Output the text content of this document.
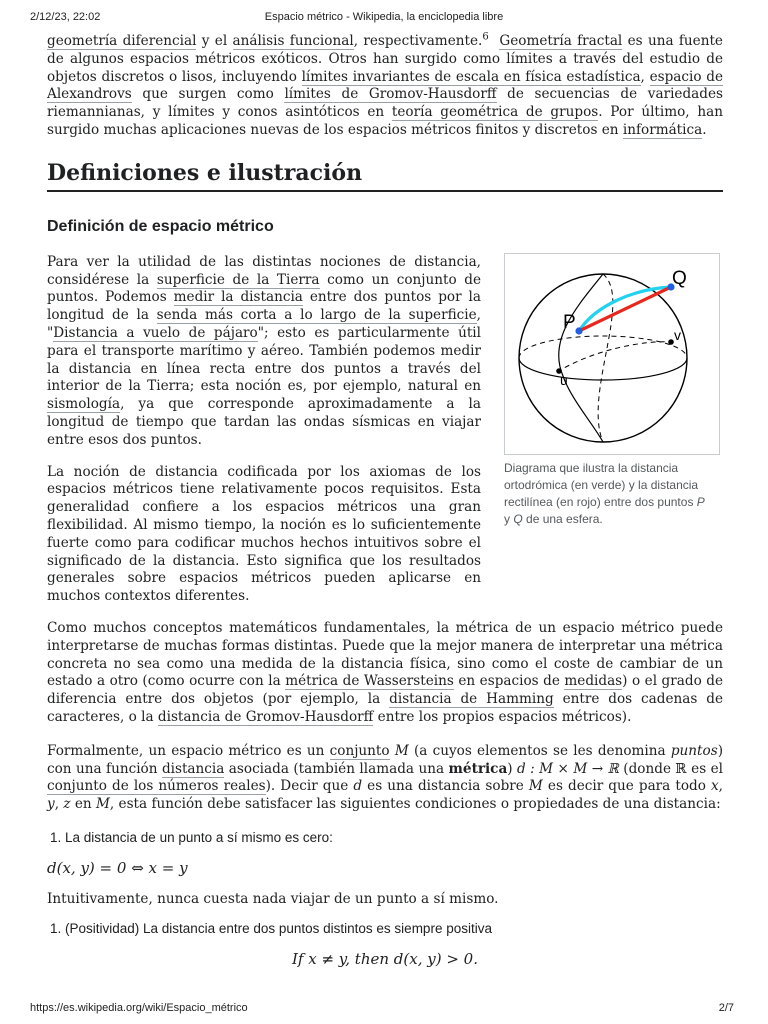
2/12/23, 22:02	Espacio métrico - Wikipedia, la enciclopedia libre

geometría diferencial y el análisis funcional, respectivamente.$^6$ Geometría fractal es una fuente de algunos espacios métricos exóticos. Otros han surgido como límites a través del estudio de objetos discretos o lisos, incluyendo límites invariantes de escala en física estadística, espacio de Alexandrovs que surgen como límites de Gromov-Hausdorff de secuencias de variedades riemannianas, y límites y conos asintóticos en teoría geométrica de grupos. Por último, han surgido muchas aplicaciones nuevas de los espacios métricos finitos y discretos en informática.

Definiciones e ilustración
Definición de espacio métrico

Para ver la utilidad de las distintas nociones de distancia, considérese la superficie de la Tierra como un conjunto de puntos. Podemos medir la distancia entre dos puntos por la longitud de la senda más corta a lo largo de la superficie, "Distancia a vuelo de pájaro"; esto es particularmente útil para el transporte marítimo y aéreo. También podemos medir la distancia en línea recta entre dos puntos a través del interior de la Tierra; esta noción es, por ejemplo, natural en sismología, ya que corresponde aproximadamente a la longitud de tiempo que tardan las ondas sísmicas en viajar entre esos dos puntos.

La noción de distancia codificada por los axiomas de los espacios métricos tiene relativamente pocos requisitos. Esta generalidad confiere a los espacios métricos una gran flexibilidad. Al mismo tiempo, la noción es lo suficientemente fuerte como para codificar muchos hechos intuitivos sobre el significado de la distancia. Esto significa que los resultados generales sobre espacios métricos pueden aplicarse en muchos contextos diferentes.

Q
P
v
u
Diagrama que ilustra la distancia ortodrómica (en verde) y la distancia rectilínea (en rojo) entre dos puntos P y Q de una esfera.

Como muchos conceptos matemáticos fundamentales, la métrica de un espacio métrico puede interpretarse de muchas formas distintas. Puede que la mejor manera de interpretar una métrica concreta no sea como una medida de la distancia física, sino como el coste de cambiar de un estado a otro (como ocurre con la métrica de Wassersteins en espacios de medidas) o el grado de diferencia entre dos objetos (por ejemplo, la distancia de Hamming entre dos cadenas de caracteres, o la distancia de Gromov-Hausdorff entre los propios espacios métricos).

Formalmente, un espacio métrico es un conjunto M (a cuyos elementos se les denomina puntos) con una función distancia asociada (también llamada una métrica) d : M × M → ℝ (donde ℝ es el conjunto de los números reales). Decir que d es una distancia sobre M es decir que para todo x, y, z en M, esta función debe satisfacer las siguientes condiciones o propiedades de una distancia:

1. La distancia de un punto a sí mismo es cero:
d(x, y) = 0 ⇔ x = y

Intuitivamente, nunca cuesta nada viajar de un punto a sí mismo.

1. (Positividad) La distancia entre dos puntos distintos es siempre positiva
If x ≠ y, then d(x, y) > 0.
https://es.wikipedia.org/wiki/Espacio_métrico	2/7
